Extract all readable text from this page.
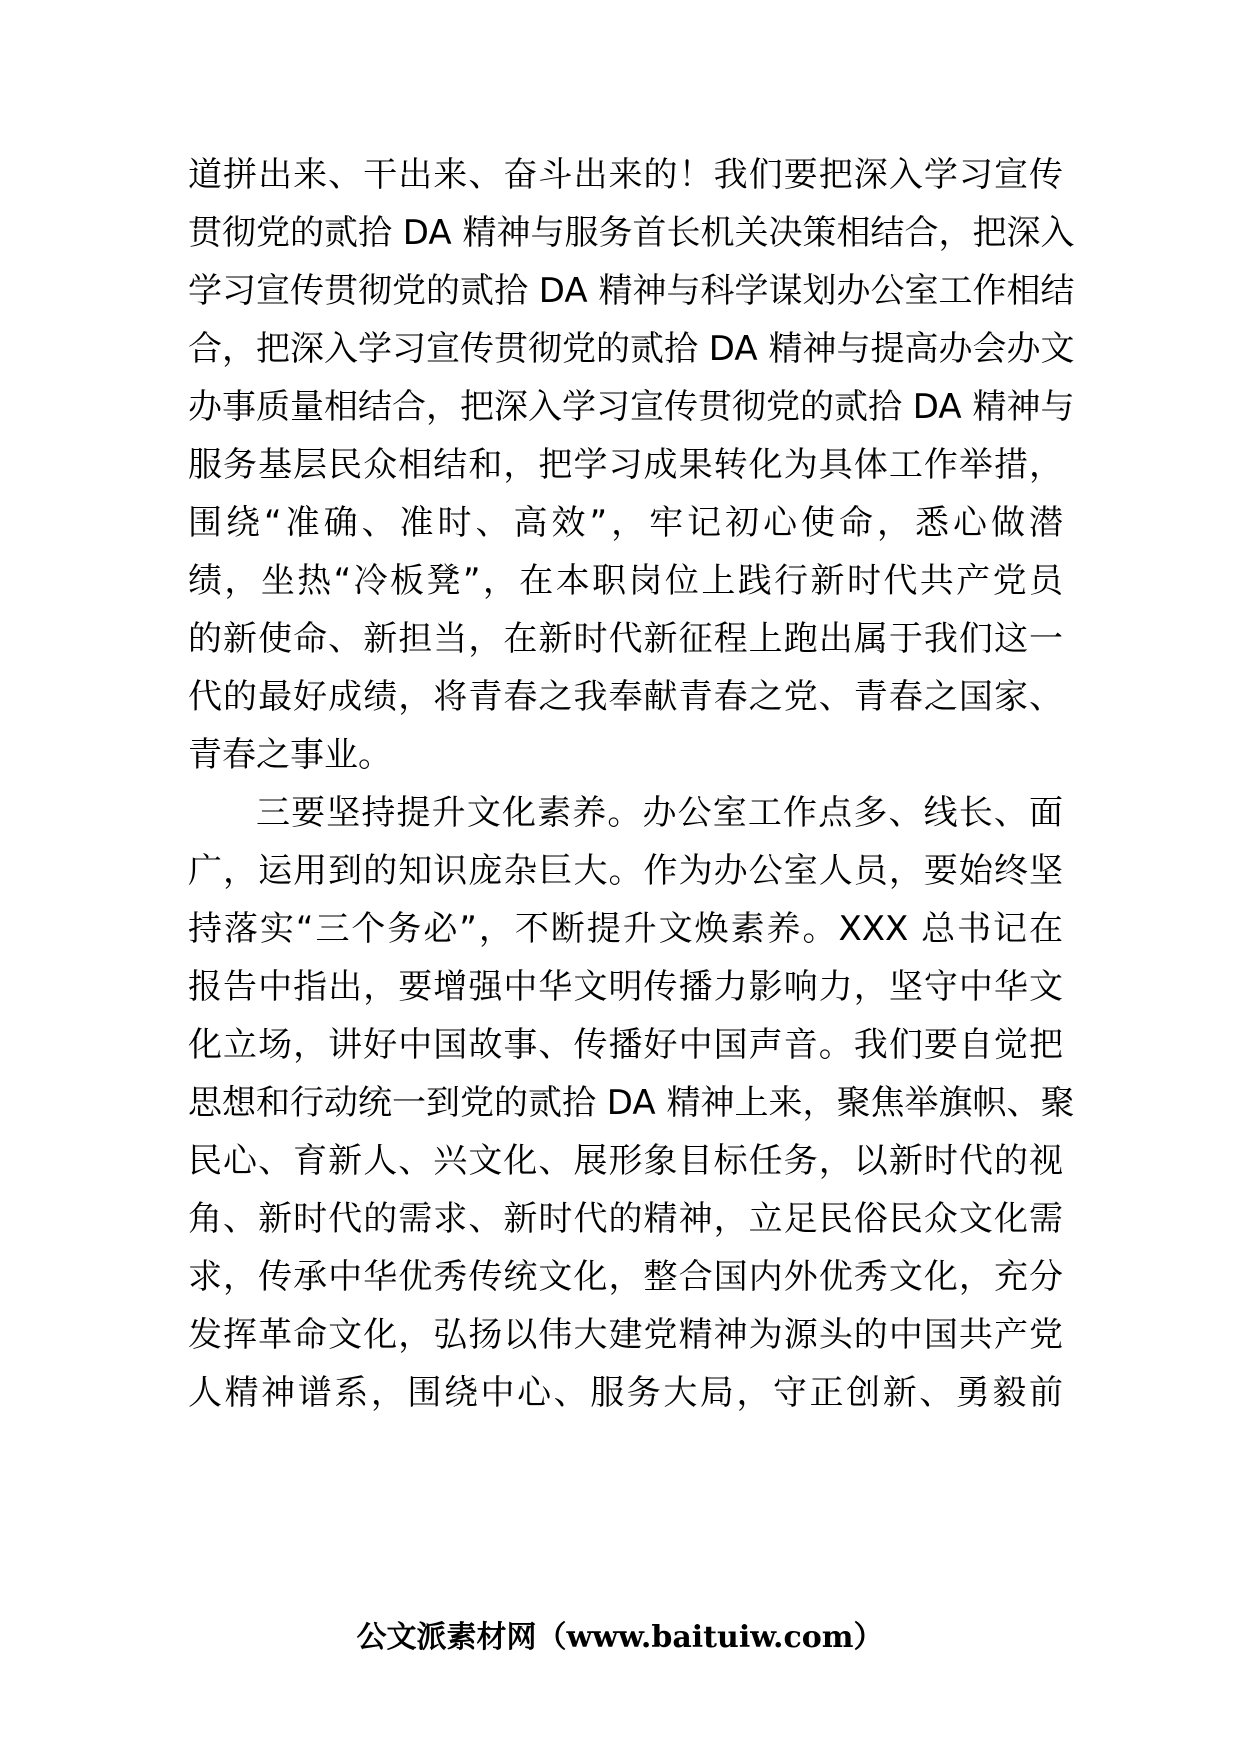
道拼出来、干出来、奋斗出来的！我们要把深入学习宣传
贯彻党的贰拾 DA 精神与服务首长机关决策相结合，把深入
学习宣传贯彻党的贰拾 DA 精神与科学谋划办公室工作相结
合，把深入学习宣传贯彻党的贰拾 DA 精神与提高办会办文
办事质量相结合，把深入学习宣传贯彻党的贰拾 DA 精神与
服务基层民众相结和，把学习成果转化为具体工作举措，
围绕“准确、准时、高效”，牢记初心使命，悉心做潜
绩，坐热“冷板凳”，在本职岗位上践行新时代共产党员
的新使命、新担当，在新时代新征程上跑出属于我们这一
代的最好成绩，将青春之我奉献青春之党、青春之国家、
青春之事业。
三要坚持提升文化素养。办公室工作点多、线长、面
广，运用到的知识庞杂巨大。作为办公室人员，要始终坚
持落实“三个务必”，不断提升文焕素养。XXX 总书记在
报告中指出，要增强中华文明传播力影响力，坚守中华文
化立场，讲好中国故事、传播好中国声音。我们要自觉把
思想和行动统一到党的贰拾 DA 精神上来，聚焦举旗帜、聚
民心、育新人、兴文化、展形象目标任务，以新时代的视
角、新时代的需求、新时代的精神，立足民俗民众文化需
求，传承中华优秀传统文化，整合国内外优秀文化，充分
发挥革命文化，弘扬以伟大建党精神为源头的中国共产党
人精神谱系，围绕中心、服务大局，守正创新、勇毅前
公文派素材网（www.baituiw.com）
